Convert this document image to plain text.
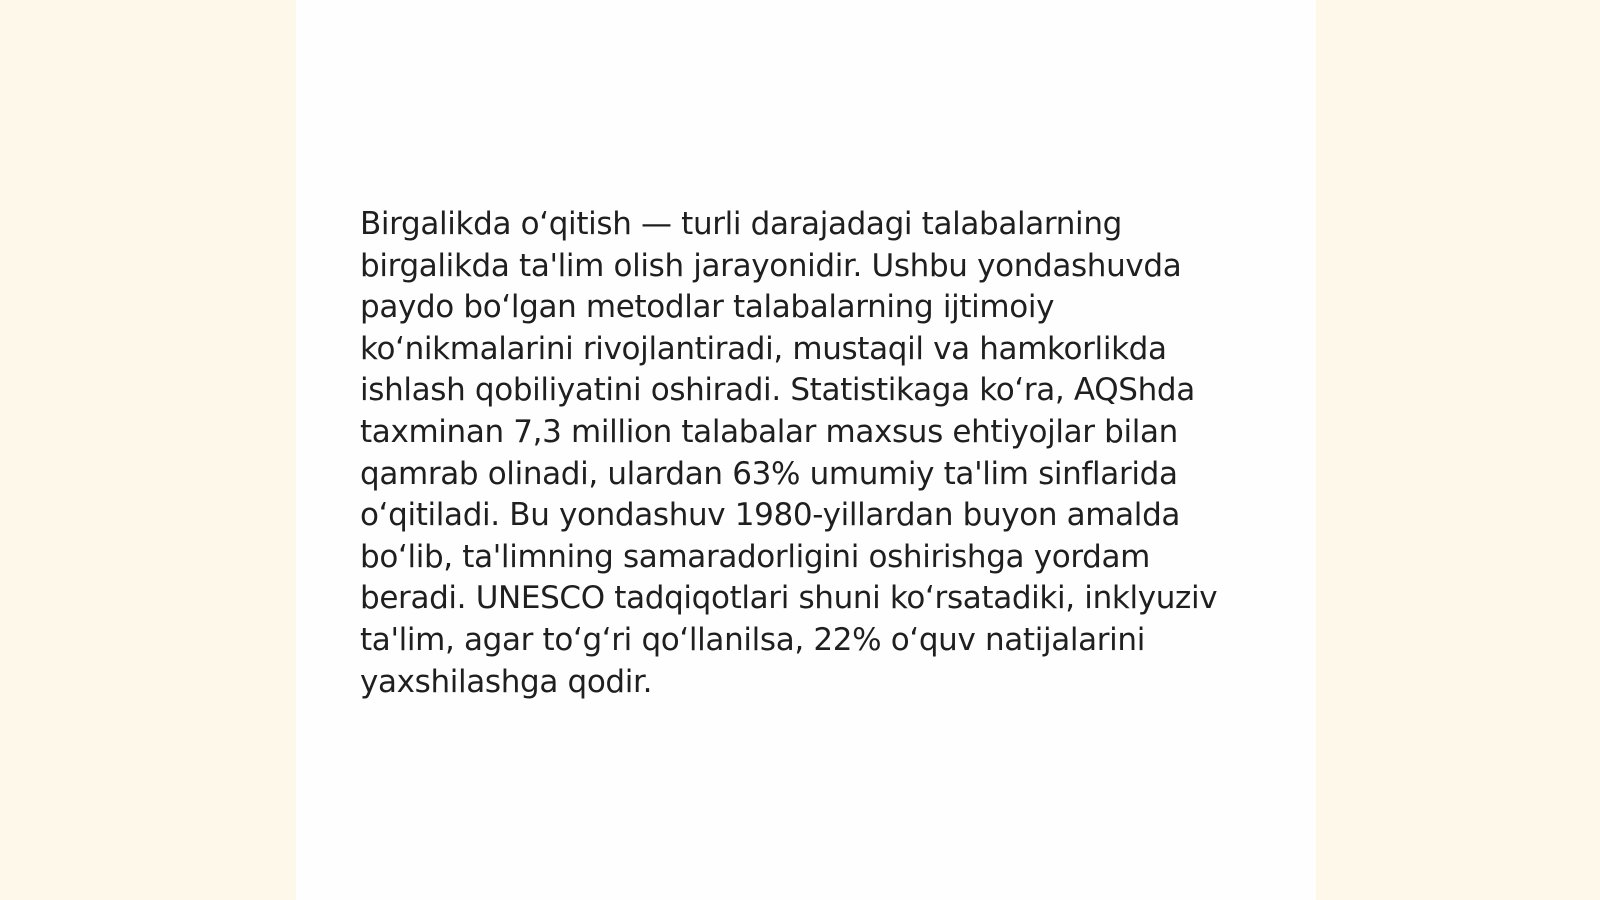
Birgalikda oʻqitish — turli darajadagi talabalarning birgalikda ta'lim olish jarayonidir. Ushbu yondashuvda paydo boʻlgan metodlar talabalarning ijtimoiy koʻnikmalarini rivojlantiradi, mustaqil va hamkorlikda ishlash qobiliyatini oshiradi. Statistikaga koʻra, AQShda taxminan 7,3 million talabalar maxsus ehtiyojlar bilan qamrab olinadi, ulardan 63% umumiy ta'lim sinflarida oʻqitiladi. Bu yondashuv 1980-yillardan buyon amalda boʻlib, ta'limning samaradorligini oshirishga yordam beradi. UNESCO tadqiqotlari shuni koʻrsatadiki, inklyuziv ta'lim, agar toʻgʻri qoʻllanilsa, 22% oʻquv natijalarini yaxshilashga qodir.
